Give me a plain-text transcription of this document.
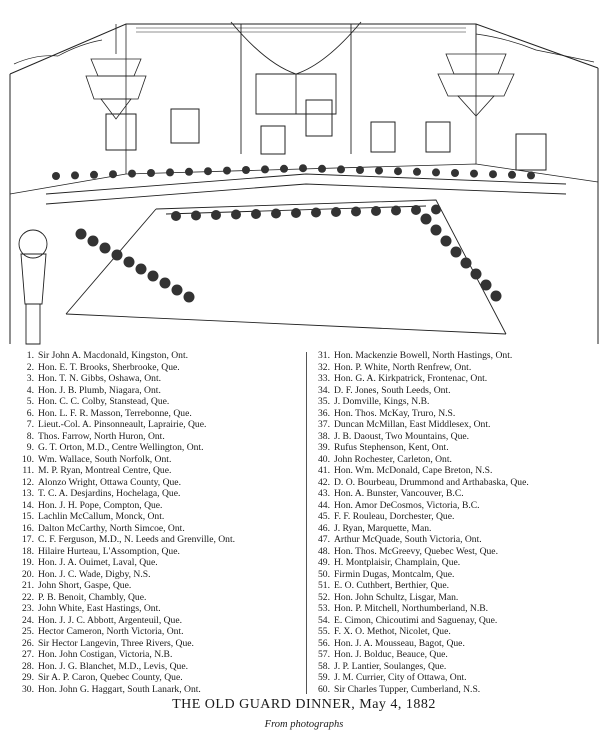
1. Sir John A. Macdonald, Kingston, Ont.
2. Hon. E. T. Brooks, Sherbrooke, Que.
3. Hon. T. N. Gibbs, Oshawa, Ont.
4. Hon. J. B. Plumb, Niagara, Ont.
5. Hon. C. C. Colby, Stanstead, Que.
6. Hon. L. F. R. Masson, Terrebonne, Que.
7. Lieut.-Col. A. Pinsonneault, Laprairie, Que.
8. Thos. Farrow, North Huron, Ont.
9. G. T. Orton, M.D., Centre Wellington, Ont.
10. Wm. Wallace, South Norfolk, Ont.
11. M. P. Ryan, Montreal Centre, Que.
12. Alonzo Wright, Ottawa County, Que.
13. T. C. A. Desjardins, Hochelaga, Que.
14. Hon. J. H. Pope, Compton, Que.
15. Lachlin McCallum, Monck, Ont.
16. Dalton McCarthy, North Simcoe, Ont.
17. C. F. Ferguson, M.D., N. Leeds and Grenville, Ont.
18. Hilaire Hurteau, L'Assomption, Que.
19. Hon. J. A. Ouimet, Laval, Que.
20. Hon. J. C. Wade, Digby, N.S.
21. John Short, Gaspe, Que.
22. P. B. Benoit, Chambly, Que.
23. John White, East Hastings, Ont.
24. Hon. J. J. C. Abbott, Argenteuil, Que.
25. Hector Cameron, North Victoria, Ont.
26. Sir Hector Langevin, Three Rivers, Que.
27. Hon. John Costigan, Victoria, N.B.
28. Hon. J. G. Blanchet, M.D., Levis, Que.
29. Sir A. P. Caron, Quebec County, Que.
30. Hon. John G. Haggart, South Lanark, Ont.
31. Hon. Mackenzie Bowell, North Hastings, Ont.
32. Hon. P. White, North Renfrew, Ont.
33. Hon. G. A. Kirkpatrick, Frontenac, Ont.
34. D. F. Jones, South Leeds, Ont.
35. J. Domville, Kings, N.B.
36. Hon. Thos. McKay, Truro, N.S.
37. Duncan McMillan, East Middlesex, Ont.
38. J. B. Daoust, Two Mountains, Que.
39. Rufus Stephenson, Kent, Ont.
40. John Rochester, Carleton, Ont.
41. Hon. Wm. McDonald, Cape Breton, N.S.
42. D. O. Bourbeau, Drummond and Arthabaska, Que.
43. Hon. A. Bunster, Vancouver, B.C.
44. Hon. Amor DeCosmos, Victoria, B.C.
45. F. F. Rouleau, Dorchester, Que.
46. J. Ryan, Marquette, Man.
47. Arthur McQuade, South Victoria, Ont.
48. Hon. Thos. McGreevy, Quebec West, Que.
49. H. Montplaisir, Champlain, Que.
50. Firmin Dugas, Montcalm, Que.
51. E. O. Cuthbert, Berthier, Que.
52. Hon. John Schultz, Lisgar, Man.
53. Hon. P. Mitchell, Northumberland, N.B.
54. E. Cimon, Chicoutimi and Saguenay, Que.
55. F. X. O. Methot, Nicolet, Que.
56. Hon. J. A. Mousseau, Bagot, Que.
57. Hon. J. Bolduc, Beauce, Que.
58. J. P. Lantier, Soulanges, Que.
59. J. M. Currier, City of Ottawa, Ont.
60. Sir Charles Tupper, Cumberland, N.S.
THE OLD GUARD DINNER, May 4, 1882
From photographs
